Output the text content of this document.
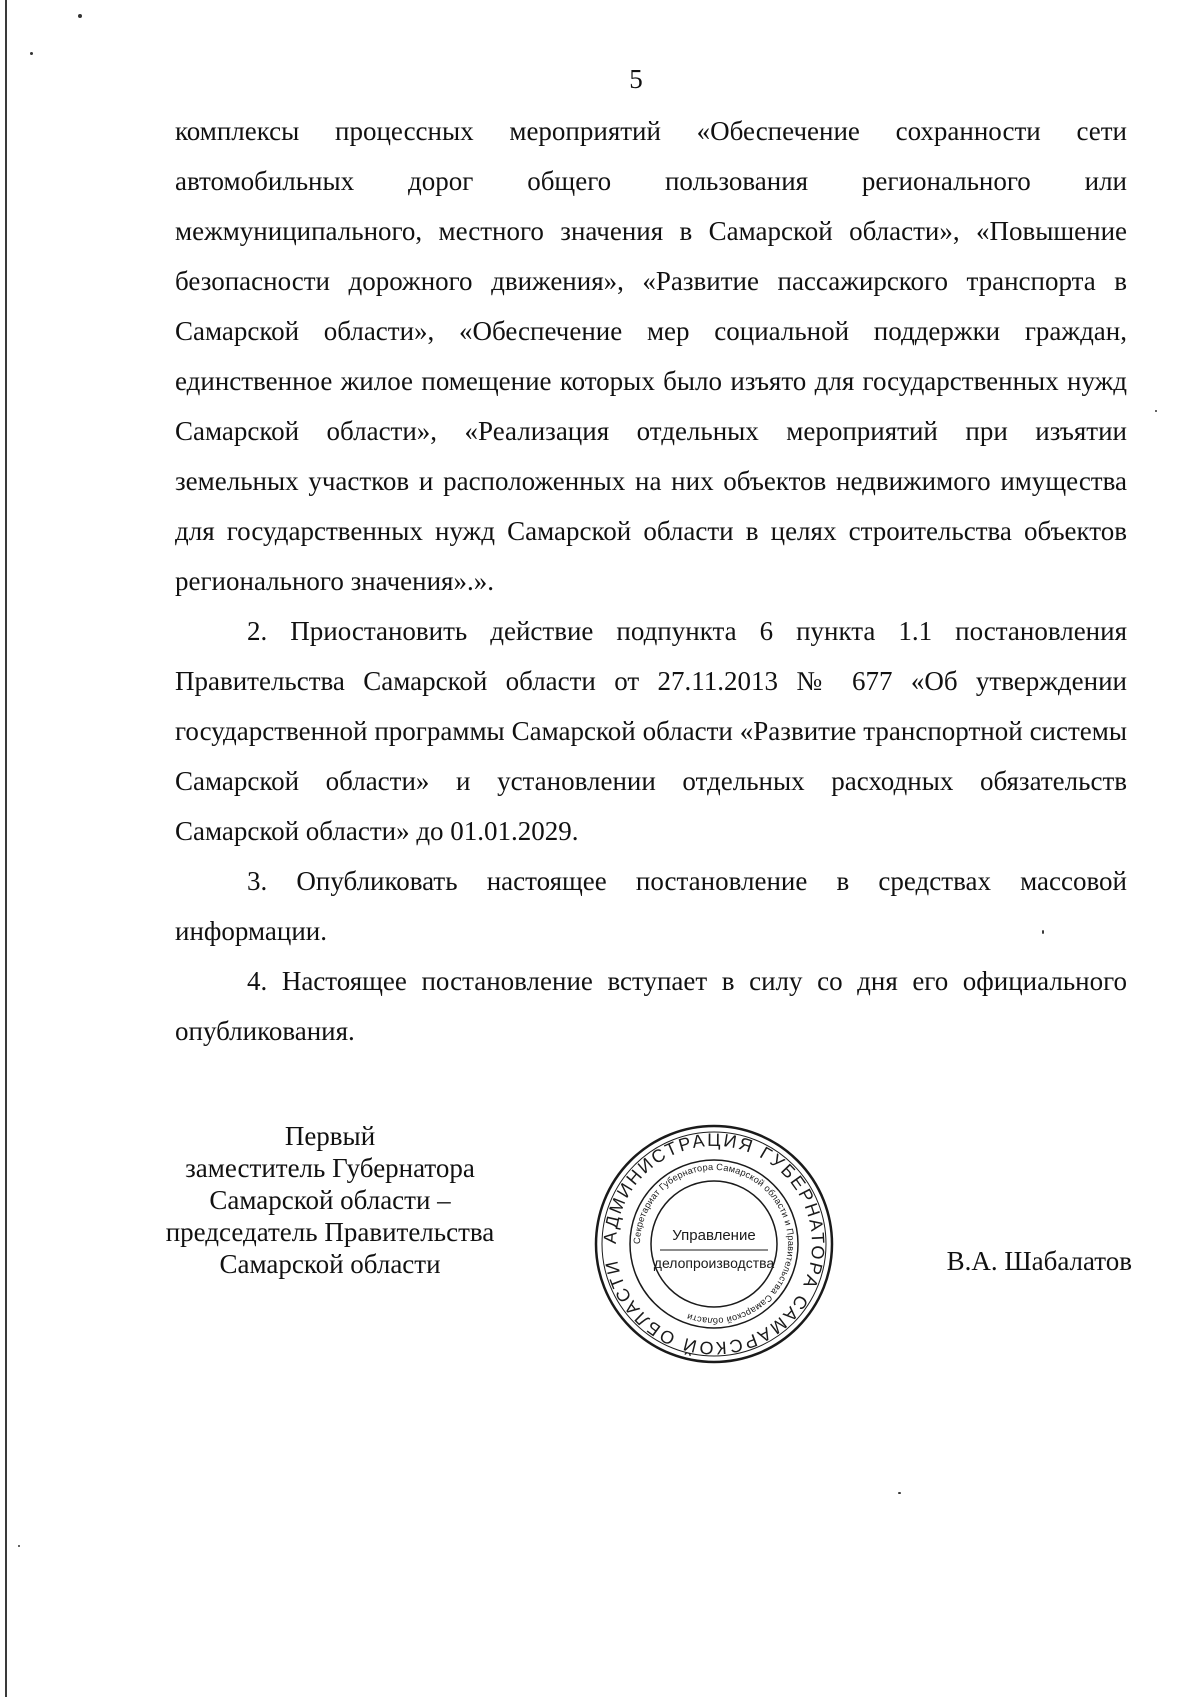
5

комплексы процессных мероприятий «Обеспечение сохранности сети автомобильных дорог общего пользования регионального или межмуниципального, местного значения в Самарской области», «Повышение безопасности дорожного движения», «Развитие пассажирского транспорта в Самарской области», «Обеспечение мер социальной поддержки граждан, единственное жилое помещение которых было изъято для государственных нужд Самарской области», «Реализация отдельных мероприятий при изъятии земельных участков и расположенных на них объектов недвижимого имущества для государственных нужд Самарской области в целях строительства объектов регионального значения».».

2. Приостановить действие подпункта 6 пункта 1.1 постановления Правительства Самарской области от 27.11.2013 № 677 «Об утверждении государственной программы Самарской области «Развитие транспортной системы Самарской области» и установлении отдельных расходных обязательств Самарской области» до 01.01.2029.

3. Опубликовать настоящее постановление в средствах массовой информации.

4. Настоящее постановление вступает в силу со дня его официального опубликования.

Первый
заместитель Губернатора
Самарской области –
председатель Правительства
Самарской области
АДМИНИСТРАЦИЯ ГУБЕРНАТОРА САМАРСКОЙ ОБЛАСТИ
Секретариат Губернатора Самарской области и Правительства Самарской области
Управление
делопроизводства	В.А. Шабалатов
